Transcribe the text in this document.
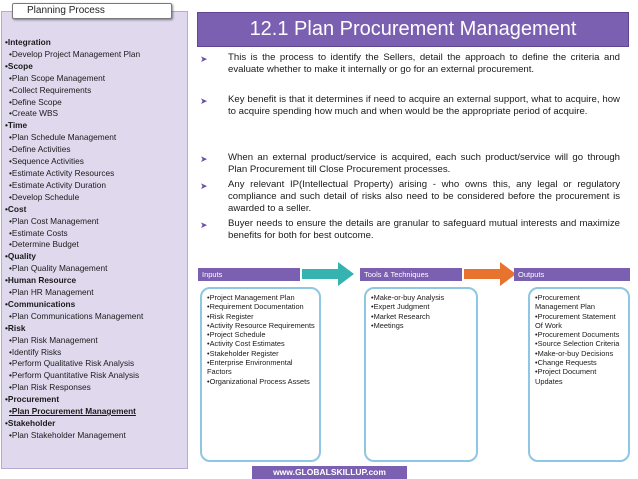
•Integration
•Develop Project Management Plan
•Scope
•Plan Scope Management
•Collect Requirements
•Define Scope
•Create WBS
•Time
•Plan Schedule Management
•Define Activities
•Sequence Activities
•Estimate Activity Resources
•Estimate Activity Duration
•Develop Schedule
•Cost
•Plan Cost Management
•Estimate Costs
•Determine Budget
•Quality
•Plan Quality Management
•Human Resource
•Plan HR Management
•Communications
•Plan Communications Management
•Risk
•Plan Risk Management
•Identify Risks
•Perform Qualitative Risk Analysis
•Perform Quantitative Risk Analysis
•Plan Risk Responses
•Procurement
•Plan Procurement Management
•Stakeholder
•Plan Stakeholder Management
Planning Process
12.1 Plan Procurement Management
➤ This is the process to identify the Sellers, detail the approach to define the criteria and evaluate whether to make it internally or go for an external procurement.
➤ Key benefit is that it determines if need to acquire an external support, what to acquire, how to acquire spending how much and when would be the appropriate period of acquire.
➤ When an external product/service is acquired, each such product/service will go through Plan Procurement till Close Procurement processes.
➤ Any relevant IP(Intellectual Property) arising - who owns this, any legal or regulatory compliance and such detail of risks also need to be considered before the procurement is awarded to a seller.
➤ Buyer needs to ensure the details are granular to safeguard mutual interests and maximize benefits for both for best outcome.
Inputs
•Project Management Plan
•Requirement Documentation
•Risk Register
•Activity Resource Requirements
•Project Schedule
•Activity Cost Estimates
•Stakeholder Register
•Enterprise Environmental Factors
•Organizational Process Assets
Tools & Techniques
•Make-or-buy Analysis
•Expert Judgment
•Market Research
•Meetings
Outputs
•Procurement Management Plan
•Procurement Statement Of Work
•Procurement Documents
•Source Selection Criteria
•Make-or-buy Decisions
•Change Requests
•Project Document Updates
www.GLOBALSKILLUP.com
